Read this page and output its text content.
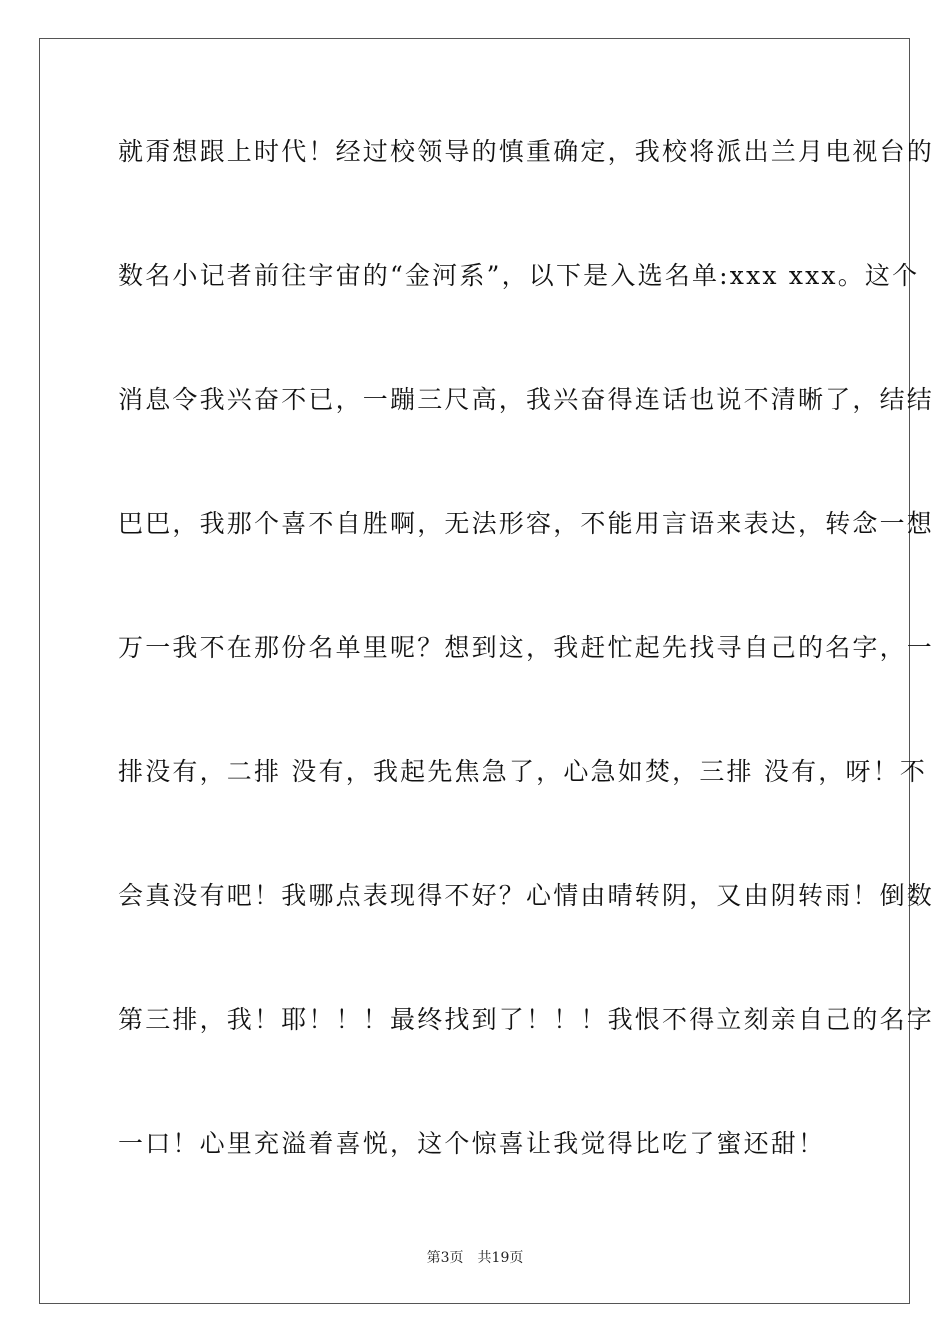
就甭想跟上时代！经过校领导的慎重确定，我校将派出兰月电视台的
数名小记者前往宇宙的“金河系”，以下是入选名单:xxx xxx。这个
消息令我兴奋不已，一蹦三尺高，我兴奋得连话也说不清晰了，结结
巴巴，我那个喜不自胜啊，无法形容，不能用言语来表达，转念一想
万一我不在那份名单里呢？想到这，我赶忙起先找寻自己的名字，一
排没有，二排 没有，我起先焦急了，心急如焚，三排 没有，呀！不
会真没有吧！我哪点表现得不好？心情由晴转阴，又由阴转雨！倒数
第三排，我！耶！！！最终找到了！！！我恨不得立刻亲自己的名字
一口！心里充溢着喜悦，这个惊喜让我觉得比吃了蜜还甜！
第3页 共19页
